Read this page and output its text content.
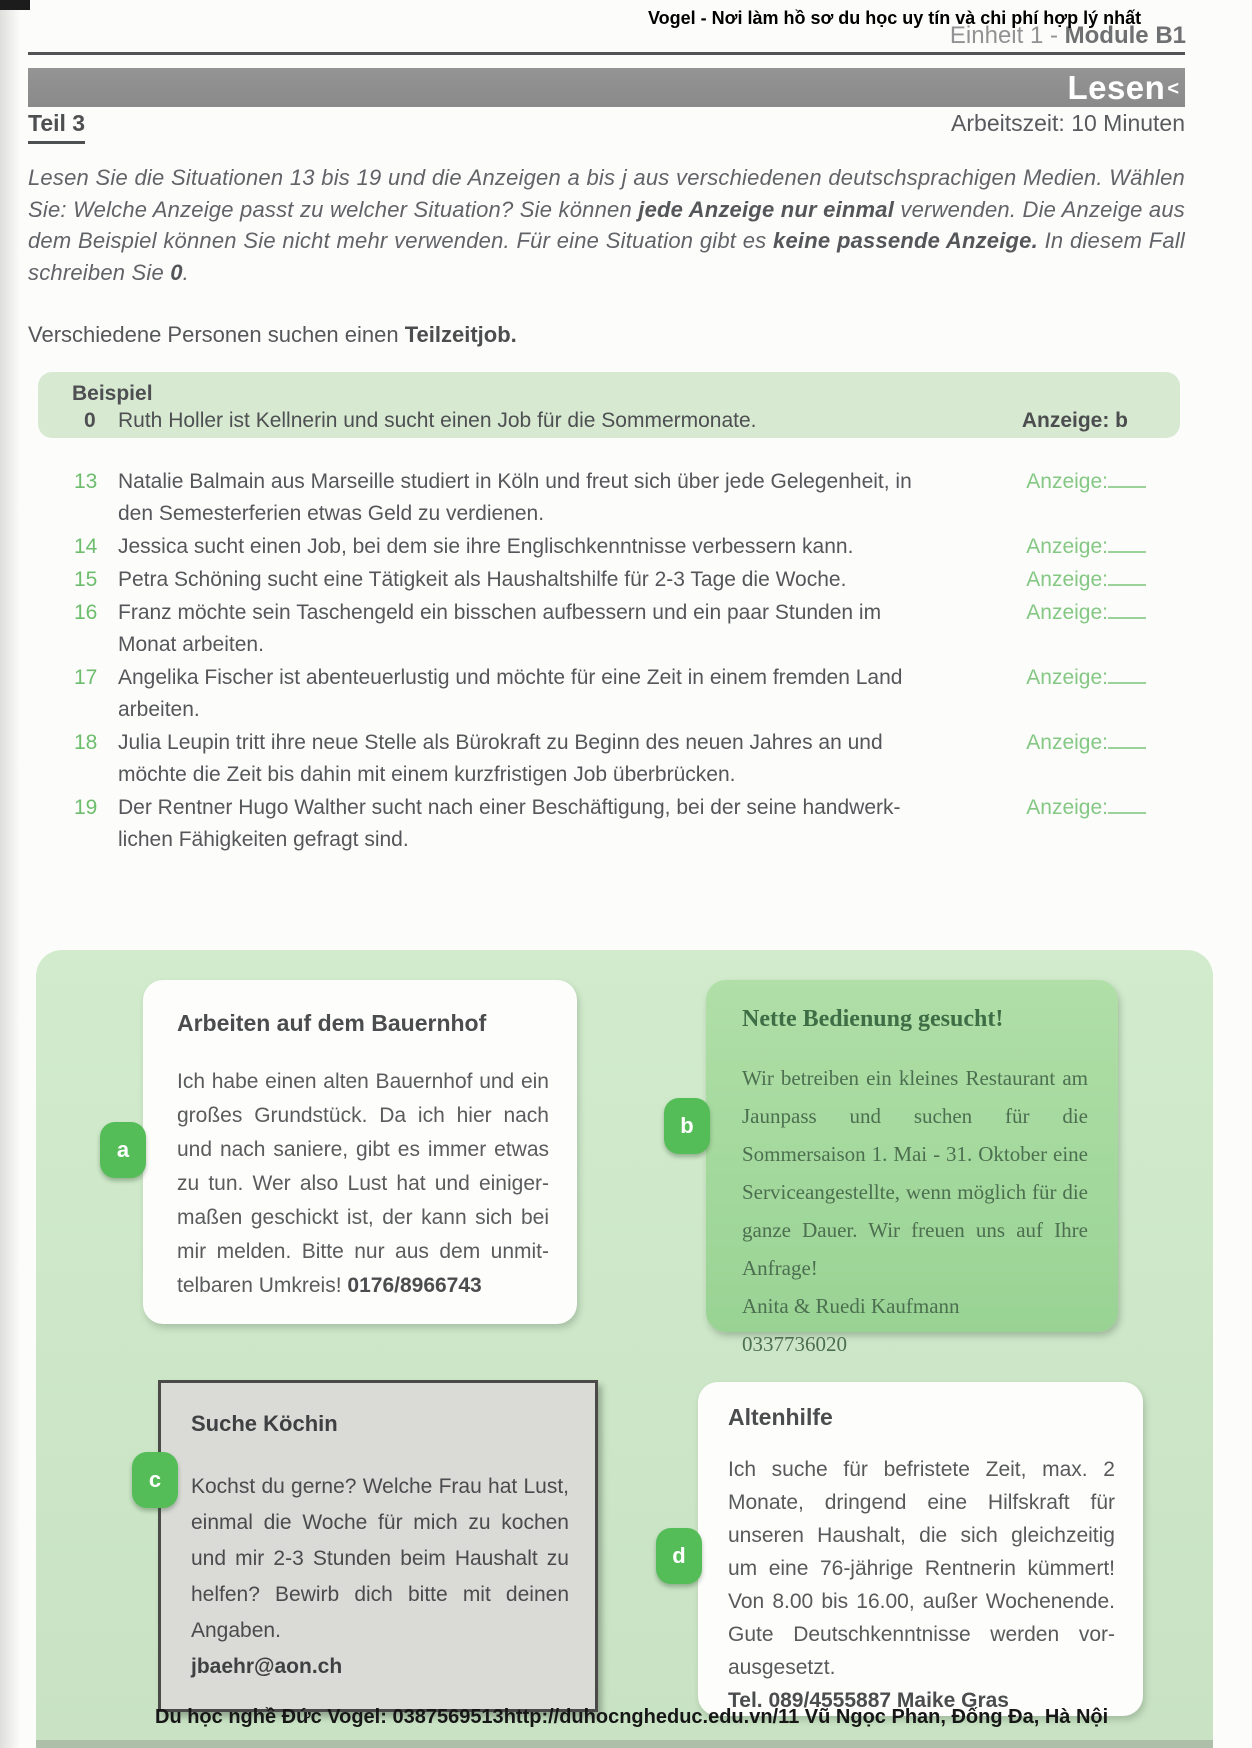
Vogel - Nơi làm hồ sơ du học uy tín và chi phí hợp lý nhất
Einheit 1 - Module B1
Lesen <
Teil 3	Arbeitszeit: 10 Minuten

Lesen Sie die Situationen 13 bis 19 und die Anzeigen a bis j aus verschiedenen deutschsprachigen Medien. Wählen Sie: Welche Anzeige passt zu welcher Situation? Sie können jede Anzeige nur einmal verwenden. Die Anzeige aus dem Beispiel können Sie nicht mehr verwenden. Für eine Situation gibt es keine passende Anzeige. In diesem Fall schreiben Sie 0.

Verschiedene Personen suchen einen Teilzeitjob.

Beispiel
0	Ruth Holler ist Kellnerin und sucht einen Job für die Sommermonate.	Anzeige: b
13 Natalie Balmain aus Marseille studiert in Köln und freut sich über jede Gelegenheit, in den Semesterferien etwas Geld zu verdienen.
Anzeige:
14 Jessica sucht einen Job, bei dem sie ihre Englischkenntnisse verbessern kann.	Anzeige:
15 Petra Schöning sucht eine Tätigkeit als Haushaltshilfe für 2-3 Tage die Woche.	Anzeige:
16 Franz möchte sein Taschengeld ein bisschen aufbessern und ein paar Stunden im Monat arbeiten.
Anzeige:
17 Angelika Fischer ist abenteuerlustig und möchte für eine Zeit in einem fremden Land arbeiten.
Anzeige:
18 Julia Leupin tritt ihre neue Stelle als Bürokraft zu Beginn des neuen Jahres an und möchte die Zeit bis dahin mit einem kurzfristigen Job überbrücken.
Anzeige:
19 Der Rentner Hugo Walther sucht nach einer Beschäftigung, bei der seine handwerklichen Fähigkeiten gefragt sind.
Anzeige:
a
b
c
d
Arbeiten auf dem Bauernhof

Ich habe einen alten Bauernhof und ein großes Grundstück. Da ich hier nach und nach saniere, gibt es immer etwas zu tun. Wer also Lust hat und einigermaßen geschickt ist, der kann sich bei mir melden. Bitte nur aus dem unmittelbaren Umkreis! 0176/8966743

Nette Bedienung gesucht!

Wir betreiben ein kleines Restaurant am Jaunpass und suchen für die Sommersaison 1. Mai - 31. Oktober eine Serviceangestellte, wenn möglich für die ganze Dauer. Wir freuen uns auf Ihre Anfrage!

Anita & Ruedi Kaufmann
0337736020
Suche Köchin

Kochst du gerne? Welche Frau hat Lust, einmal die Woche für mich zu kochen und mir 2-3 Stunden beim Haushalt zu helfen? Bewirb dich bitte mit deinen Angaben.

jbaehr@aon.ch
Altenhilfe

Ich suche für befristete Zeit, max. 2 Monate, dringend eine Hilfskraft für unseren Haushalt, die sich gleichzeitig um eine 76-jährige Rentnerin kümmert! Von 8.00 bis 16.00, außer Wochenende. Gute Deutschkenntnisse werden vorausgesetzt.

Tel. 089/4555887 Maike Gras
Du học nghề Đức Vogel: 0387569513 http://duhocngheduc.edu.vn/ 11 Vũ Ngọc Phan, Đống Đa, Hà Nội
